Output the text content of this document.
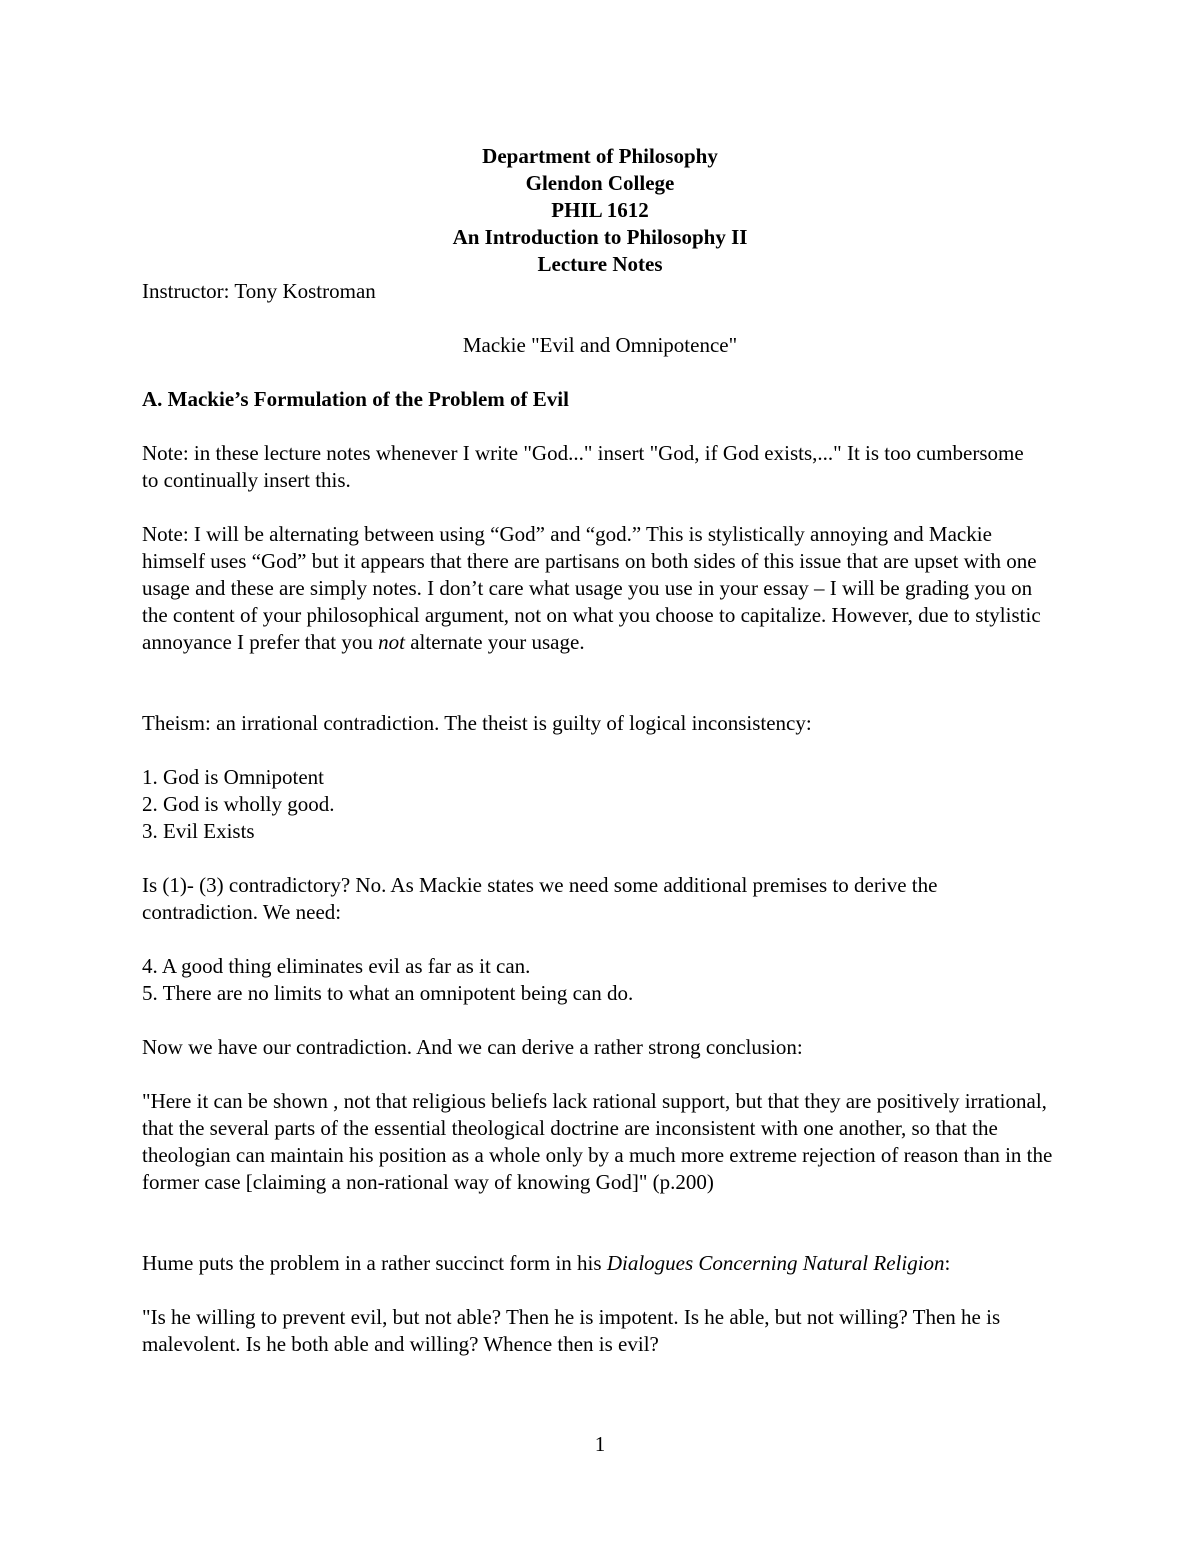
Department of Philosophy
Glendon College
PHIL 1612
An Introduction to Philosophy II
Lecture Notes
Instructor: Tony Kostroman
Mackie "Evil and Omnipotence"
A. Mackie’s Formulation of the Problem of Evil
Note: in these lecture notes whenever I write "God..." insert "God, if God exists,..." It is too cumbersome to continually insert this.
Note: I will be alternating between using “God” and “god.” This is stylistically annoying and Mackie himself uses “God” but it appears that there are partisans on both sides of this issue that are upset with one usage and these are simply notes. I don’t care what usage you use in your essay – I will be grading you on the content of your philosophical argument, not on what you choose to capitalize. However, due to stylistic annoyance I prefer that you not alternate your usage.
Theism: an irrational contradiction. The theist is guilty of logical inconsistency:
1. God is Omnipotent
2. God is wholly good.
3. Evil Exists
Is (1)- (3) contradictory? No. As Mackie states we need some additional premises to derive the contradiction. We need:
4. A good thing eliminates evil as far as it can.
5. There are no limits to what an omnipotent being can do.
Now we have our contradiction. And we can derive a rather strong conclusion:
"Here it can be shown , not that religious beliefs lack rational support, but that they are positively irrational, that the several parts of the essential theological doctrine are inconsistent with one another, so that the theologian can maintain his position as a whole only by a much more extreme rejection of reason than in the former case [claiming a non-rational way of knowing God]" (p.200)
Hume puts the problem in a rather succinct form in his Dialogues Concerning Natural Religion:
"Is he willing to prevent evil, but not able? Then he is impotent. Is he able, but not willing? Then he is malevolent. Is he both able and willing? Whence then is evil?
1
